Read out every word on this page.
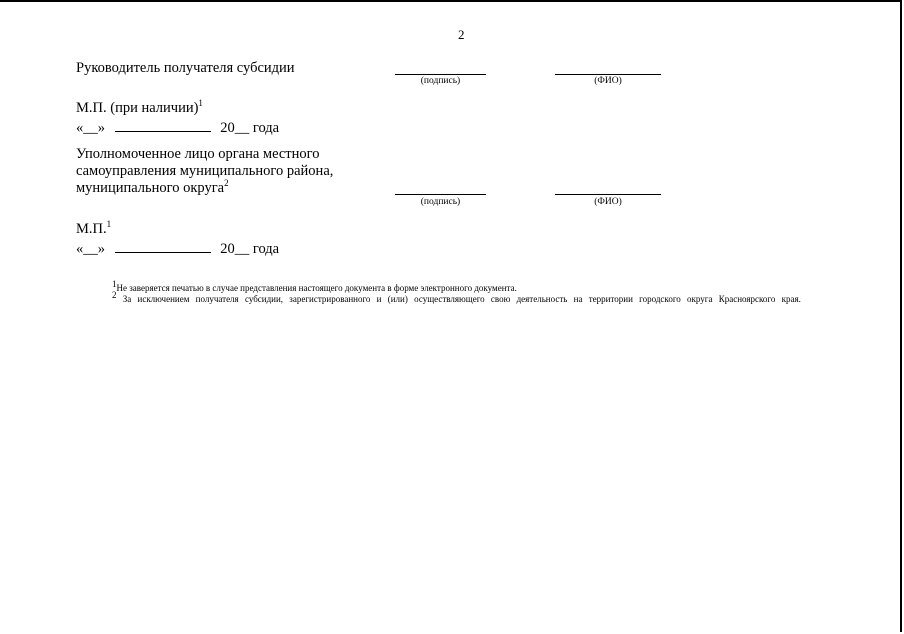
2
Руководитель получателя субсидии
(подпись)	(ФИО)
М.П. (при наличии)$^1$
«__»	20__ года
Уполномоченное лицо органа местного
самоуправления муниципального района,
муниципального округа$^2$
(подпись)	(ФИО)
М.П.$^1$
«__»	20__ года
1Не заверяется печатью в случае представления настоящего документа в форме электронного документа.
2 За исключением получателя субсидии, зарегистрированного и (или) осуществляющего свою деятельность на территории городского округа Красноярского края.
